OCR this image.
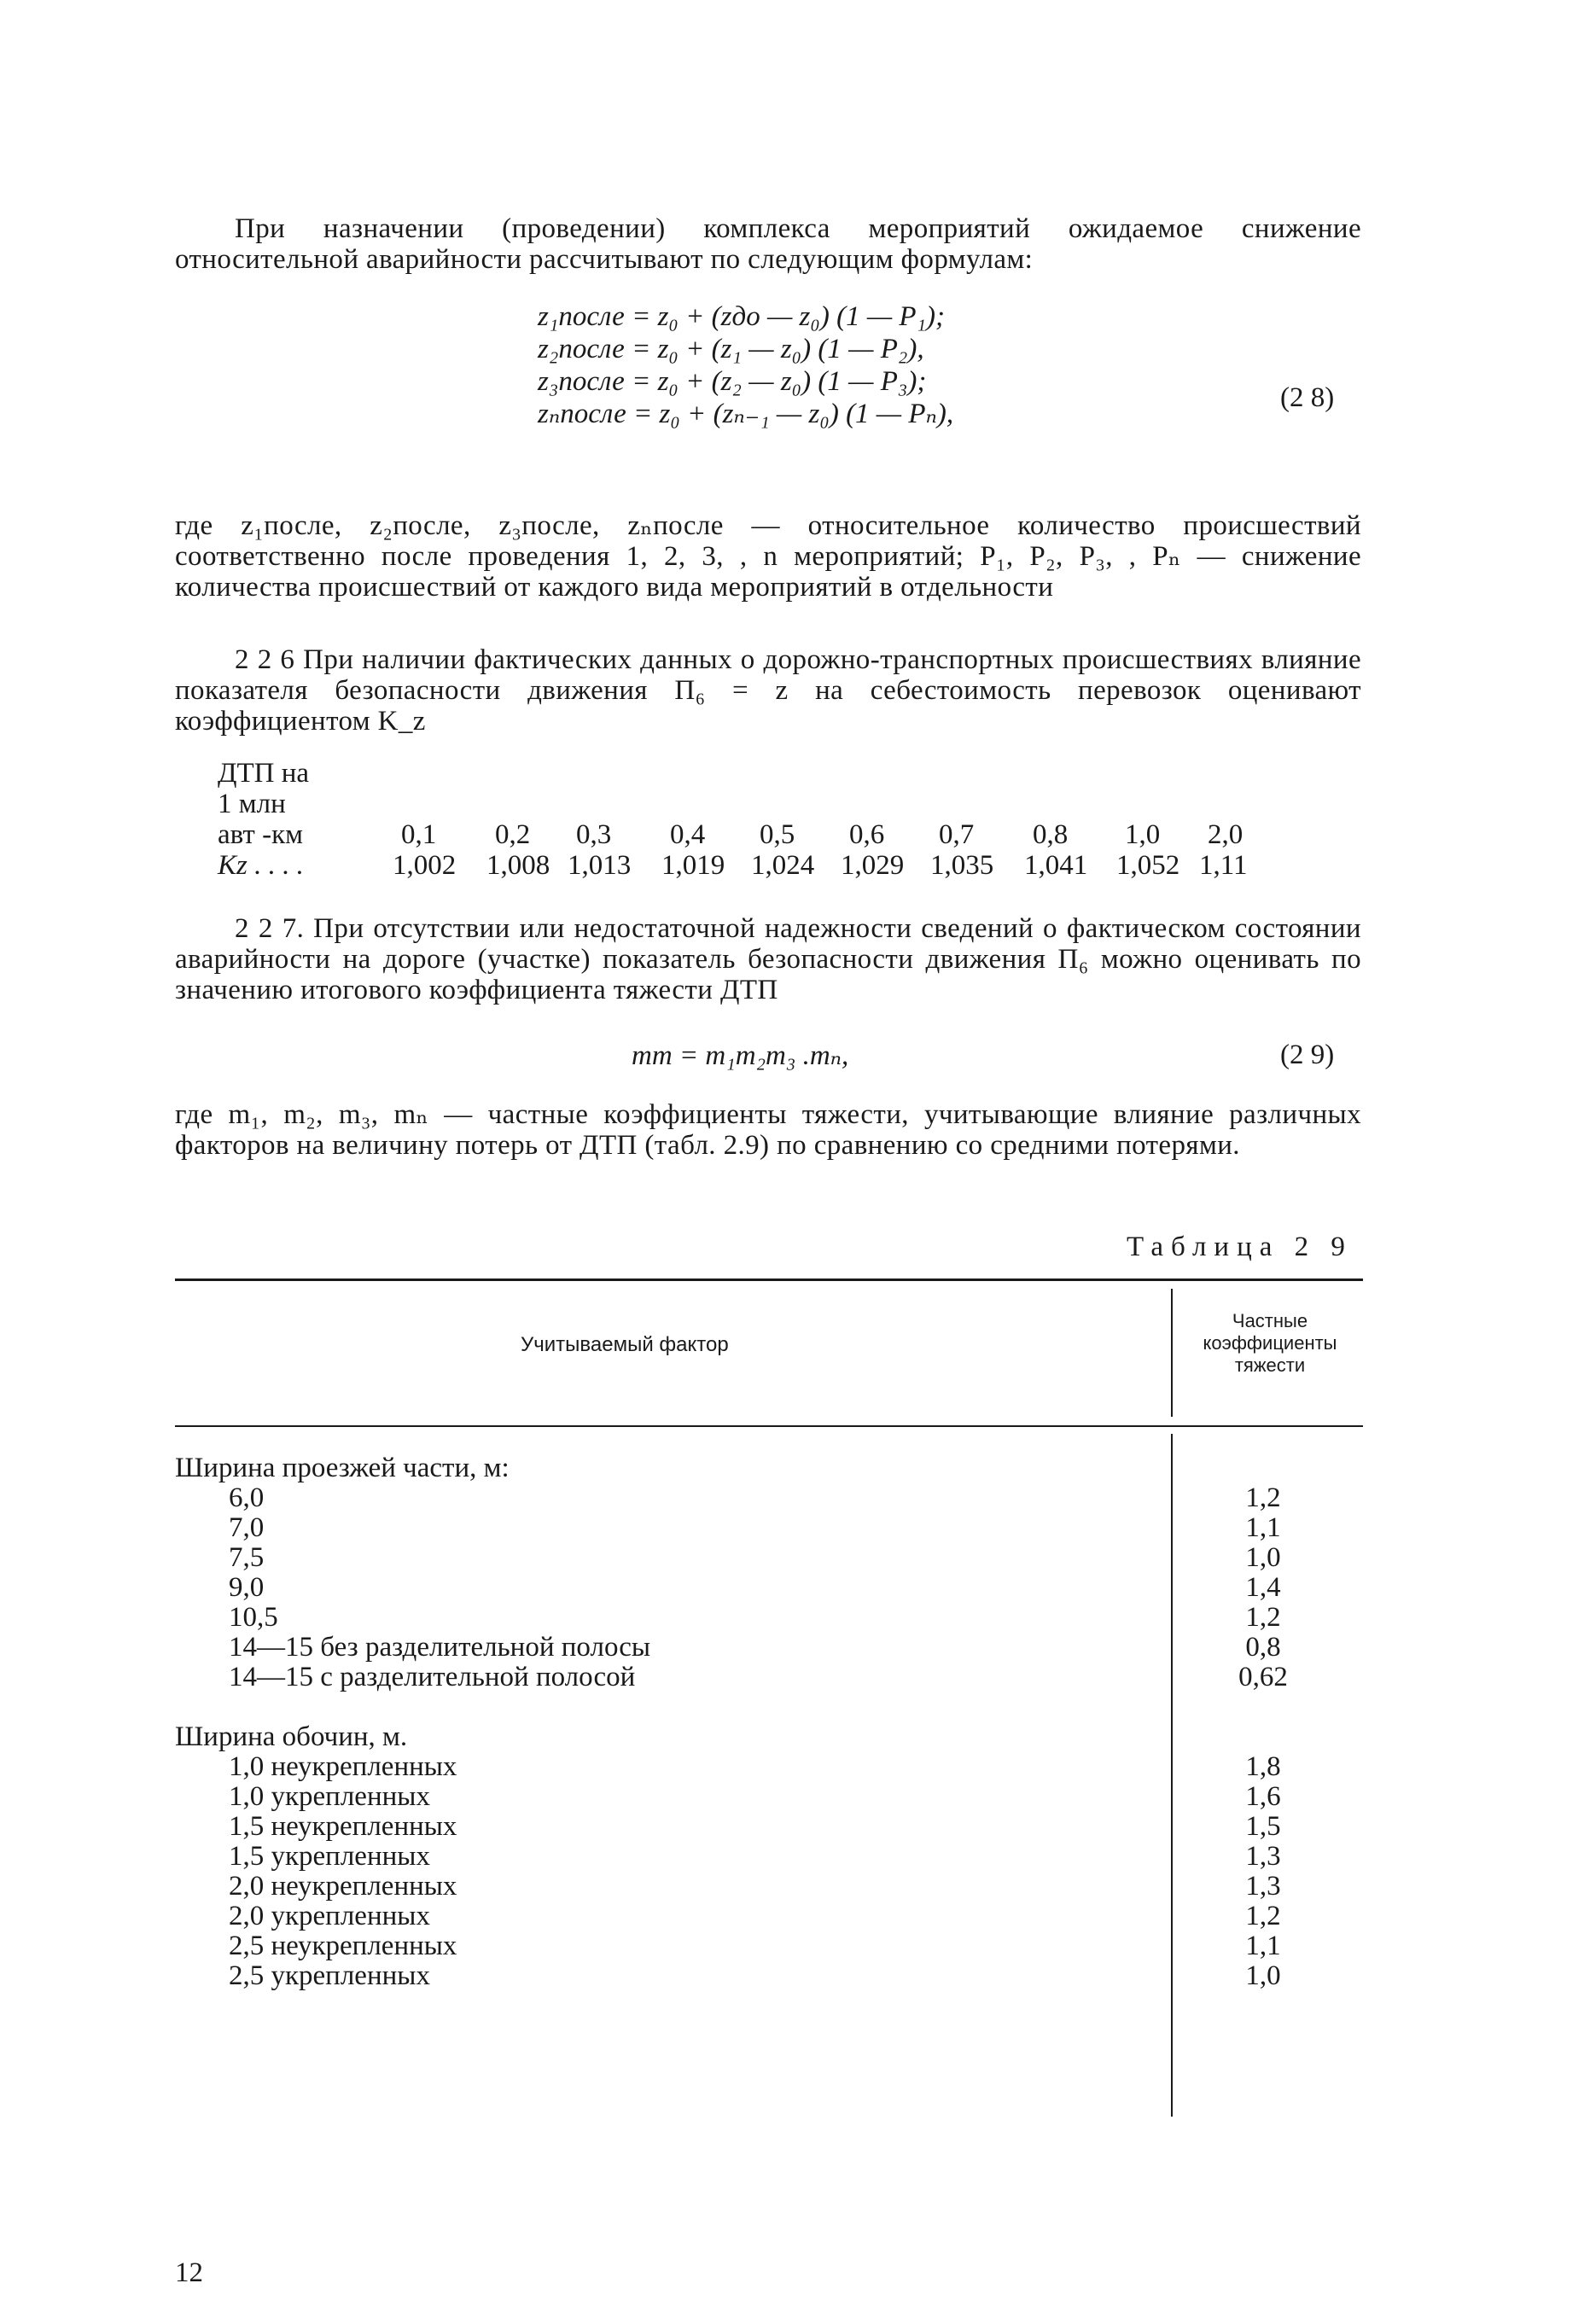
При назначении (проведении) комплекса мероприятий ожидаемое снижение относительной аварийности рассчитывают по следующим формулам:

z₁после = z₀ + (zдо — z₀) (1 — P₁);
z₂после = z₀ + (z₁ — z₀) (1 — P₂),
z₃после = z₀ + (z₂ — z₀) (1 — P₃);
zₙпосле = z₀ + (zₙ₋₁ — z₀) (1 — Pₙ),
(2 8)

где z₁после, z₂после, z₃после, zₙпосле — относительное количество происшествий соответственно после проведения 1, 2, 3, , n мероприятий; P₁, P₂, P₃, , Pₙ — снижение количества происшествий от каждого вида мероприятий в отдельности

2 2 6 При наличии фактических данных о дорожно-транспортных происшествиях влияние показателя безопасности движения П₆ = z на себестоимость перевозок оценивают коэффициентом K_z

ДТП на
1 млн
авт -км	0,1 0,2 0,3 0,4 0,5 0,6 0,7 0,8 1,0 2,0
Kz . . . .	1,002 1,008 1,013 1,019 1,024 1,029 1,035 1,041 1,052 1,11

2 2 7. При отсутствии или недостаточной надежности сведений о фактическом состоянии аварийности на дороге (участке) показатель безопасности движения П₆ можно оценивать по значению итогового коэффициента тяжести ДТП

mт = m₁m₂m₃ .mₙ,	(2 9)

где m₁, m₂, m₃, mₙ — частные коэффициенты тяжести, учитывающие влияние различных факторов на величину потерь от ДТП (табл. 2.9) по сравнению со средними потерями.

Таблица 2 9
Учитываемый фактор
Частные коэффициенты тяжести
Ширина проезжей части, м:
6,0	1,2
7,0	1,1
7,5	1,0
9,0	1,4
10,5	1,2
14—15 без разделительной полосы	0,8
14—15 с разделительной полосой	0,62
Ширина обочин, м.
1,0 неукрепленных	1,8
1,0 укрепленных	1,6
1,5 неукрепленных	1,5
1,5 укрепленных	1,3
2,0 неукрепленных	1,3
2,0 укрепленных	1,2
2,5 неукрепленных	1,1
2,5 укрепленных	1,0
12
